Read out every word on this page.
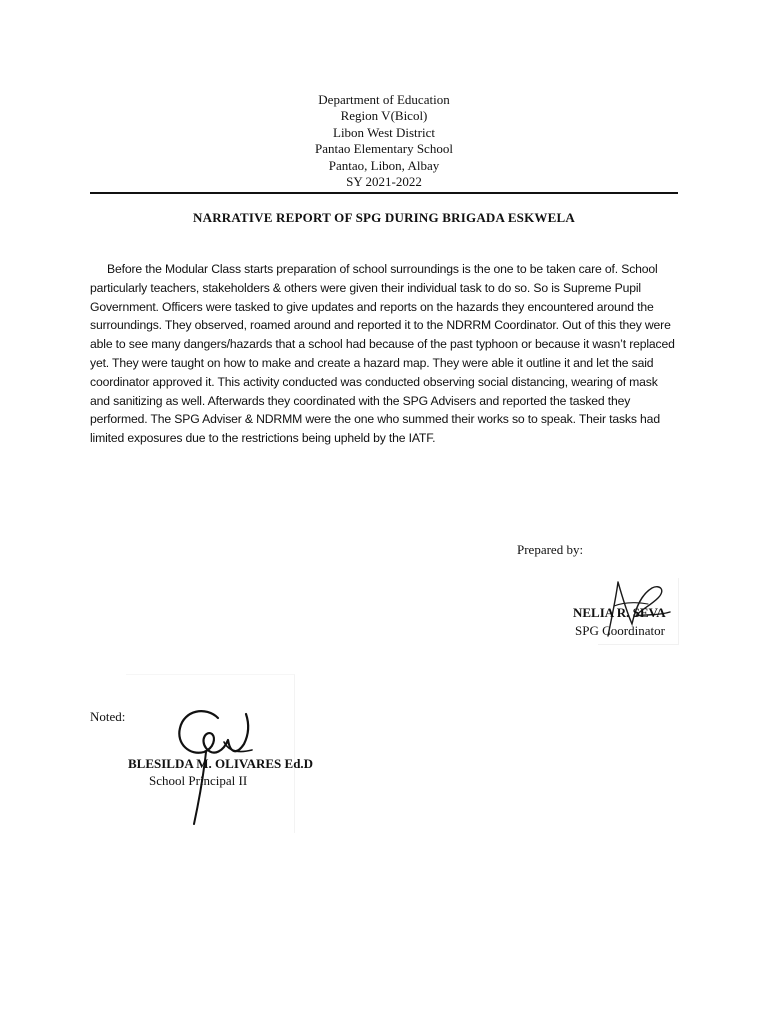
Department of Education
Region V(Bicol)
Libon West District
Pantao Elementary School
Pantao, Libon, Albay
SY 2021-2022
NARRATIVE REPORT OF SPG DURING BRIGADA ESKWELA

Before the Modular Class starts preparation of school surroundings is the one to be taken care of. School particularly teachers, stakeholders & others were given their individual task to do so. So is Supreme Pupil Government. Officers were tasked to give updates and reports on the hazards they encountered around the surroundings. They observed, roamed around and reported it to the NDRRM Coordinator. Out of this they were able to see many dangers/hazards that a school had because of the past typhoon or because it wasn’t replaced yet. They were taught on how to make and create a hazard map. They were able it outline it and let the said coordinator approved it. This activity conducted was conducted observing social distancing, wearing of mask and sanitizing as well. Afterwards they coordinated with the SPG Advisers and reported the tasked they performed. The SPG Adviser & NDRMM were the one who summed their works so to speak. Their tasks had limited exposures due to the restrictions being upheld by the IATF.

Prepared by:
NELIA R. SEVA
SPG Coordinator
Noted:
BLESILDA M. OLIVARES Ed.D
School Principal II
